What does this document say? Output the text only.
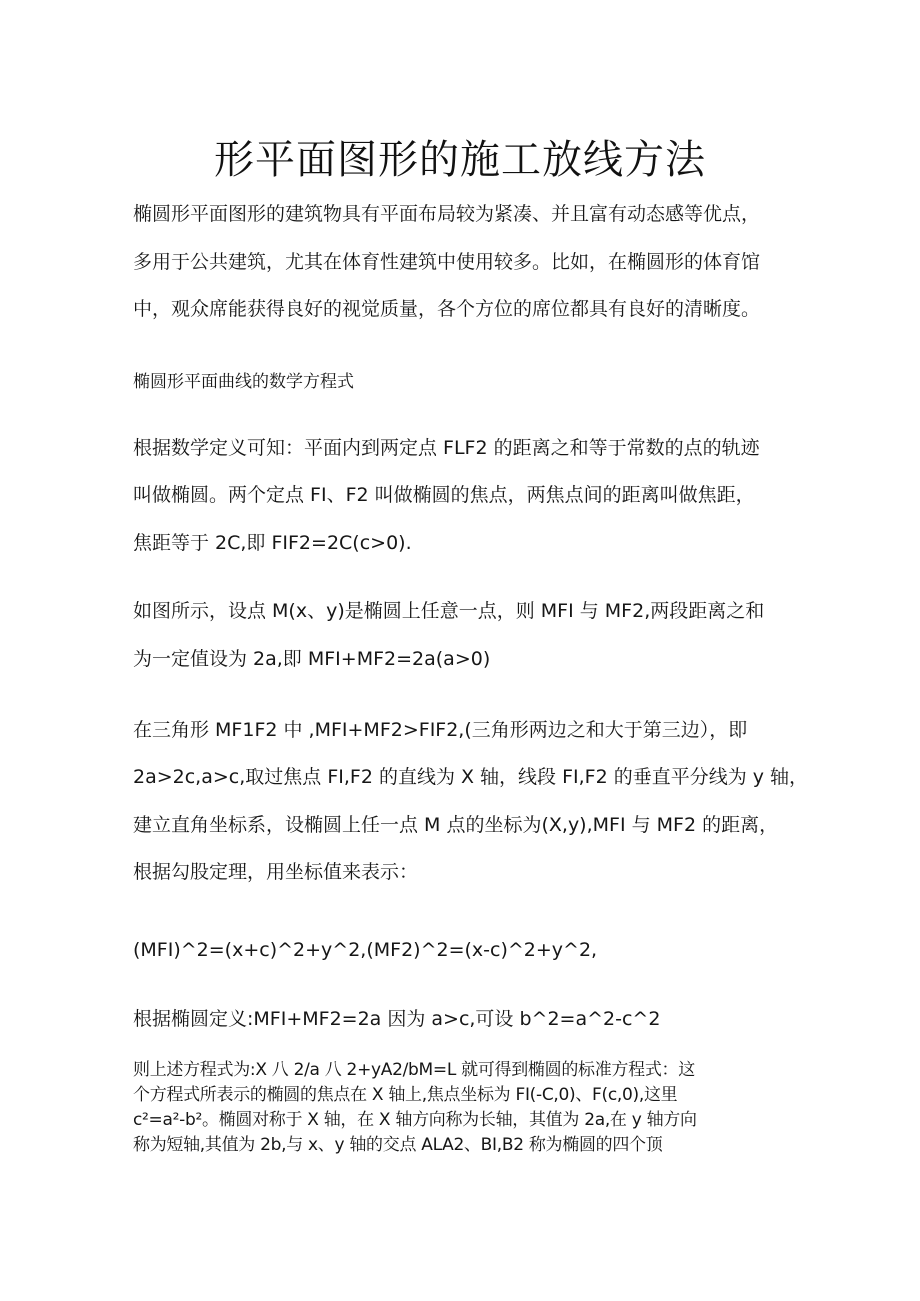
形平面图形的施工放线方法
椭圆形平面图形的建筑物具有平面布局较为紧凑、并且富有动态感等优点，
多用于公共建筑，尤其在体育性建筑中使用较多。比如，在椭圆形的体育馆
中，观众席能获得良好的视觉质量，各个方位的席位都具有良好的清晰度。
椭圆形平面曲线的数学方程式
根据数学定义可知：平面内到两定点 FLF2 的距离之和等于常数的点的轨迹
叫做椭圆。两个定点 FI、F2 叫做椭圆的焦点，两焦点间的距离叫做焦距，
焦距等于 2C,即 FIF2=2C(c>0).
如图所示，设点 M(x、y)是椭圆上任意一点，则 MFI 与 MF2,两段距离之和
为一定值设为 2a,即 MFI+MF2=2a(a>0)
在三角形 MF1F2 中 ,MFI+MF2>FIF2,(三角形两边之和大于第三边），即
2a>2c,a>c,取过焦点 FI,F2 的直线为 X 轴，线段 FI,F2 的垂直平分线为 y 轴，
建立直角坐标系，设椭圆上任一点 M 点的坐标为(X,y),MFI 与 MF2 的距离，
根据勾股定理，用坐标值来表示：
(MFI)^2=(x+c)^2+y^2,(MF2)^2=(x-c)^2+y^2,
根据椭圆定义:MFI+MF2=2a 因为 a>c,可设 b^2=a^2-c^2
则上述方程式为:X 八 2/a 八 2+yA2∕bM=L 就可得到椭圆的标准方程式：这
个方程式所表示的椭圆的焦点在 X 轴上,焦点坐标为 FI(-C,0)、F(c,0),这里
c²=a²-b²。椭圆对称于 X 轴，在 X 轴方向称为长轴，其值为 2a,在 y 轴方向
称为短轴,其值为 2b,与 x、y 轴的交点 ALA2、BI,B2 称为椭圆的四个顶
